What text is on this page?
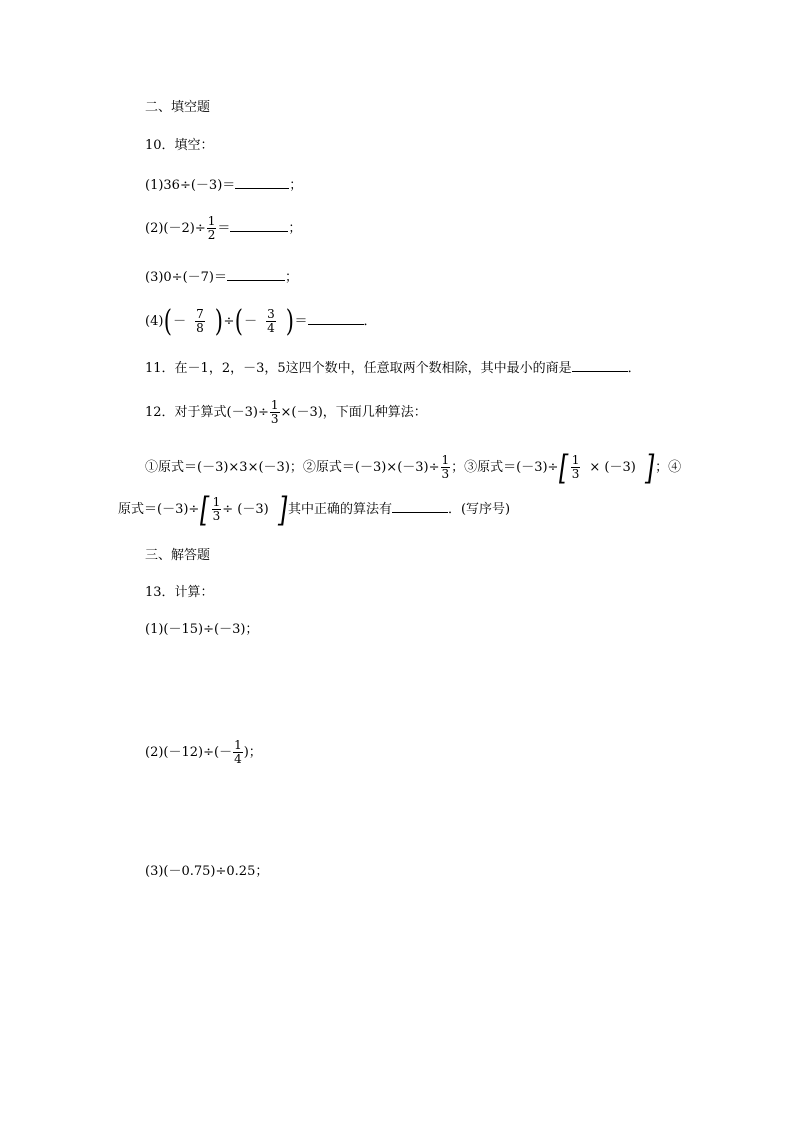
二、填空题
10．填空：
(1)36÷(－3)＝	；
$(2)(-2)\div \frac{1}{2}$ ＝	；
(3)0÷(－7)＝	；
$(4)(- \frac{7}{8}$ )÷(－ $\frac{3}{4}$ )＝	．
11．在－1，2，－3，5这四个数中，任意取两个数相除，其中最小的商是	．
12．对于算式$(-3)\div \frac{1}{3} \times(-3)$，下面几种算法：
①原式＝(－3)×3×(－3)；②原式$=(-3)\times(-3)\div \frac{1}{3}$ ；③原式$=(-3)\div[ \frac{1}{3} \times (-3)$ ]；④
原式$=(-3)\div[ \frac{1}{3} \div (-3)$ ]其中正确的算法有	．(写序号)
三、解答题
13．计算：
(1)(－15)÷(－3)；
$(2)(-12)\div(- \frac{1}{4}$ )；
(3)(－0.75)÷0.25；
